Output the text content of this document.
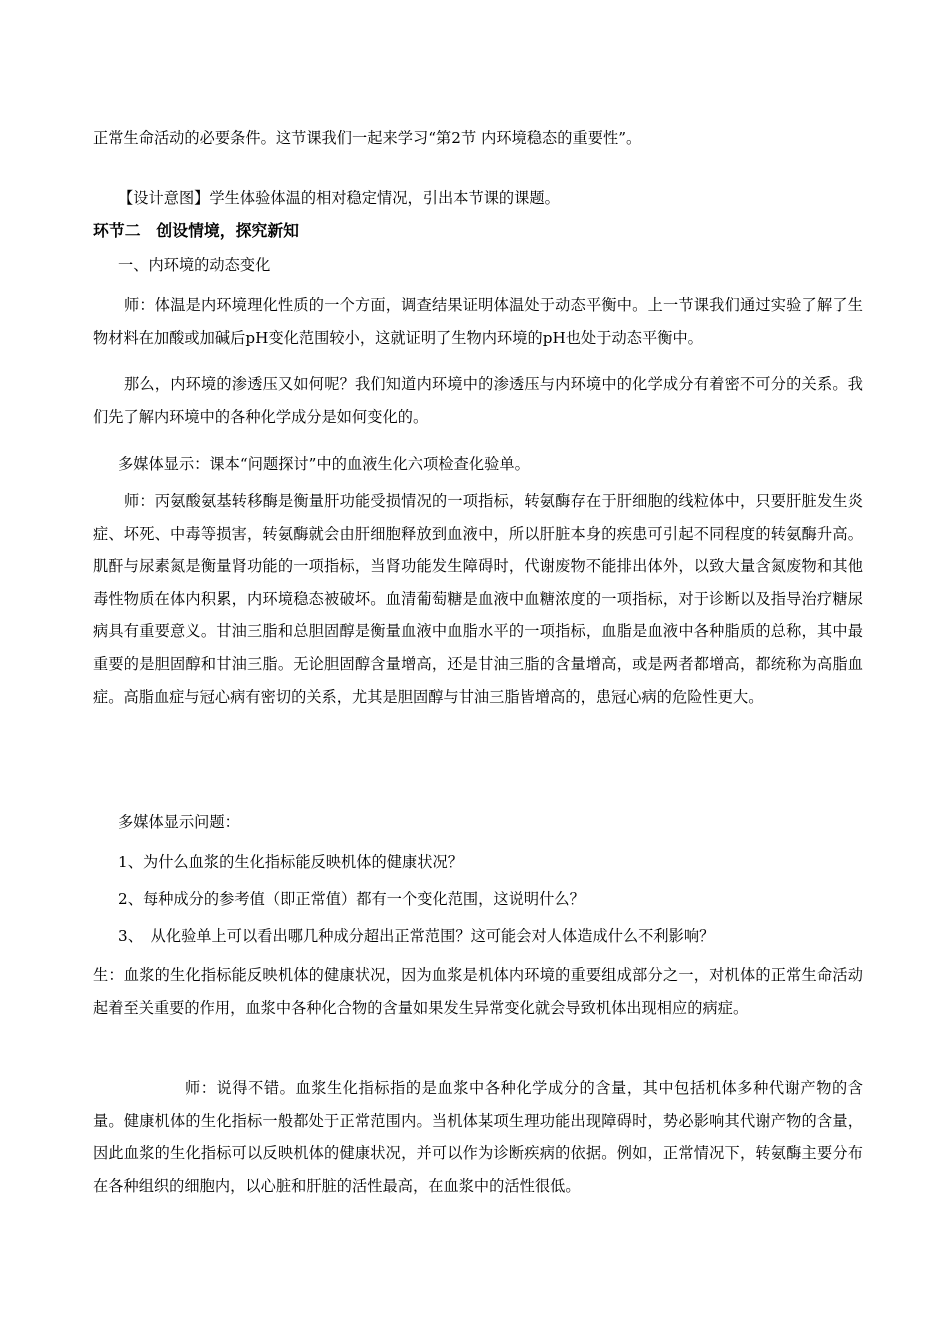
正常生命活动的必要条件。这节课我们一起来学习“第2节 内环境稳态的重要性”。

【设计意图】学生体验体温的相对稳定情况，引出本节课的课题。

环节二　创设情境，探究新知

一、内环境的动态变化

师：体温是内环境理化性质的一个方面，调查结果证明体温处于动态平衡中。上一节课我们通过实验了解了生物材料在加酸或加碱后pH变化范围较小，这就证明了生物内环境的pH也处于动态平衡中。

那么，内环境的渗透压又如何呢？我们知道内环境中的渗透压与内环境中的化学成分有着密不可分的关系。我们先了解内环境中的各种化学成分是如何变化的。

多媒体显示：课本“问题探讨”中的血液生化六项检查化验单。

师：丙氨酸氨基转移酶是衡量肝功能受损情况的一项指标，转氨酶存在于肝细胞的线粒体中，只要肝脏发生炎症、坏死、中毒等损害，转氨酶就会由肝细胞释放到血液中，所以肝脏本身的疾患可引起不同程度的转氨酶升高。肌酐与尿素氮是衡量肾功能的一项指标，当肾功能发生障碍时，代谢废物不能排出体外，以致大量含氮废物和其他毒性物质在体内积累，内环境稳态被破坏。血清葡萄糖是血液中血糖浓度的一项指标，对于诊断以及指导治疗糖尿病具有重要意义。甘油三脂和总胆固醇是衡量血液中血脂水平的一项指标，血脂是血液中各种脂质的总称，其中最重要的是胆固醇和甘油三脂。无论胆固醇含量增高，还是甘油三脂的含量增高，或是两者都增高，都统称为高脂血症。高脂血症与冠心病有密切的关系，尤其是胆固醇与甘油三脂皆增高的，患冠心病的危险性更大。

多媒体显示问题：

1、为什么血浆的生化指标能反映机体的健康状况？

2、每种成分的参考值（即正常值）都有一个变化范围，这说明什么？

3、　从化验单上可以看出哪几种成分超出正常范围？这可能会对人体造成什么不利影响？

生：血浆的生化指标能反映机体的健康状况，因为血浆是机体内环境的重要组成部分之一，对机体的正常生命活动起着至关重要的作用，血浆中各种化合物的含量如果发生异常变化就会导致机体出现相应的病症。

师：说得不错。血浆生化指标指的是血浆中各种化学成分的含量，其中包括机体多种代谢产物的含量。健康机体的生化指标一般都处于正常范围内。当机体某项生理功能出现障碍时，势必影响其代谢产物的含量，因此血浆的生化指标可以反映机体的健康状况，并可以作为诊断疾病的依据。例如，正常情况下，转氨酶主要分布在各种组织的细胞内，以心脏和肝脏的活性最高，在血浆中的活性很低。
